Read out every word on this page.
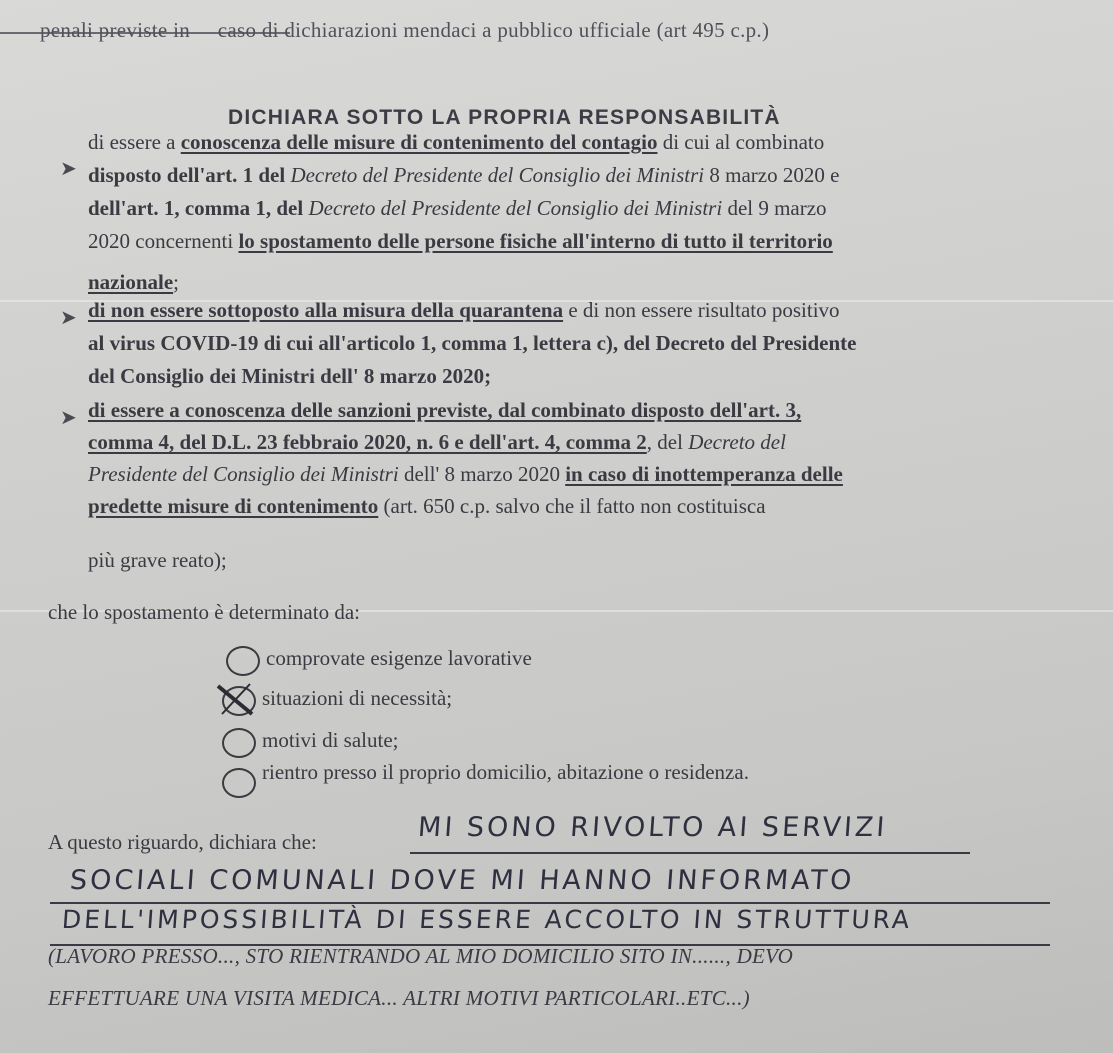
penali previste in caso di dichiarazioni mendaci a pubblico ufficiale (art 495 c.p.)
DICHIARA SOTTO LA PROPRIA RESPONSABILITÀ
➤
di essere a conoscenza delle misure di contenimento del contagio di cui al combinato
disposto dell'art. 1 del Decreto del Presidente del Consiglio dei Ministri 8 marzo 2020 e
dell'art. 1, comma 1, del Decreto del Presidente del Consiglio dei Ministri del 9 marzo
2020 concernenti lo spostamento delle persone fisiche all'interno di tutto il territorio
nazionale;
➤ di non essere sottoposto alla misura della quarantena e di non essere risultato positivo
al virus COVID-19 di cui all'articolo 1, comma 1, lettera c), del Decreto del Presidente
del Consiglio dei Ministri dell' 8 marzo 2020;
➤ di essere a conoscenza delle sanzioni previste, dal combinato disposto dell'art. 3,
comma 4, del D.L. 23 febbraio 2020, n. 6 e dell'art. 4, comma 2, del Decreto del
Presidente del Consiglio dei Ministri dell' 8 marzo 2020 in caso di inottemperanza delle
predette misure di contenimento (art. 650 c.p. salvo che il fatto non costituisca
più grave reato);
che lo spostamento è determinato da:
comprovate esigenze lavorative
situazioni di necessità;
motivi di salute;
rientro presso il proprio domicilio, abitazione o residenza.
A questo riguardo, dichiara che:	MI SONO RIVOLTO AI SERVIZI
SOCIALI COMUNALI DOVE MI HANNO INFORMATO
DELL'IMPOSSIBILITÀ DI ESSERE ACCOLTO IN STRUTTURA
(LAVORO PRESSO..., STO RIENTRANDO AL MIO DOMICILIO SITO IN......, DEVO
EFFETTUARE UNA VISITA MEDICA... ALTRI MOTIVI PARTICOLARI..ETC...)
